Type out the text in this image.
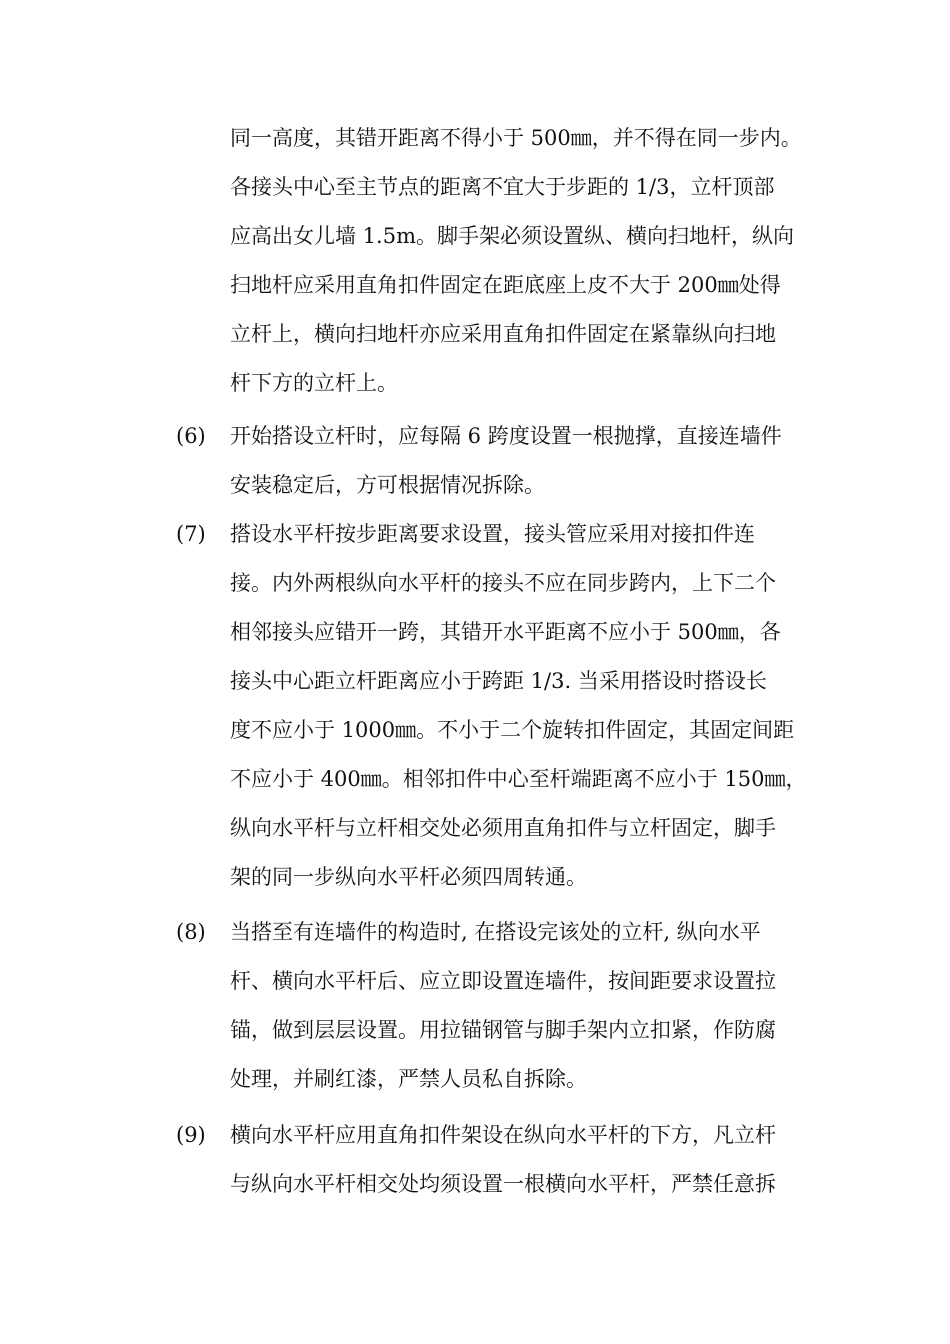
同一高度，其错开距离不得小于 500㎜，并不得在同一步内。
各接头中心至主节点的距离不宜大于步距的 1/3，立杆顶部
应高出女儿墙 1.5m。脚手架必须设置纵、横向扫地杆，纵向
扫地杆应采用直角扣件固定在距底座上皮不大于 200㎜处得
立杆上，横向扫地杆亦应采用直角扣件固定在紧靠纵向扫地
杆下方的立杆上。
(6) 开始搭设立杆时，应每隔 6 跨度设置一根抛撑，直接连墙件
安装稳定后，方可根据情况拆除。
(7) 搭设水平杆按步距离要求设置，接头管应采用对接扣件连
接。内外两根纵向水平杆的接头不应在同步跨内，上下二个
相邻接头应错开一跨，其错开水平距离不应小于 500㎜，各
接头中心距立杆距离应小于跨距 1/3. 当采用搭设时搭设长
度不应小于 1000㎜。不小于二个旋转扣件固定，其固定间距
不应小于 400㎜。相邻扣件中心至杆端距离不应小于 150㎜，
纵向水平杆与立杆相交处必须用直角扣件与立杆固定，脚手
架的同一步纵向水平杆必须四周转通。
(8) 当搭至有连墙件的构造时, 在搭设完该处的立杆, 纵向水平
杆、横向水平杆后、应立即设置连墙件，按间距要求设置拉
锚，做到层层设置。用拉锚钢管与脚手架内立扣紧，作防腐
处理，并刷红漆，严禁人员私自拆除。
(9) 横向水平杆应用直角扣件架设在纵向水平杆的下方，凡立杆
与纵向水平杆相交处均须设置一根横向水平杆，严禁任意拆
